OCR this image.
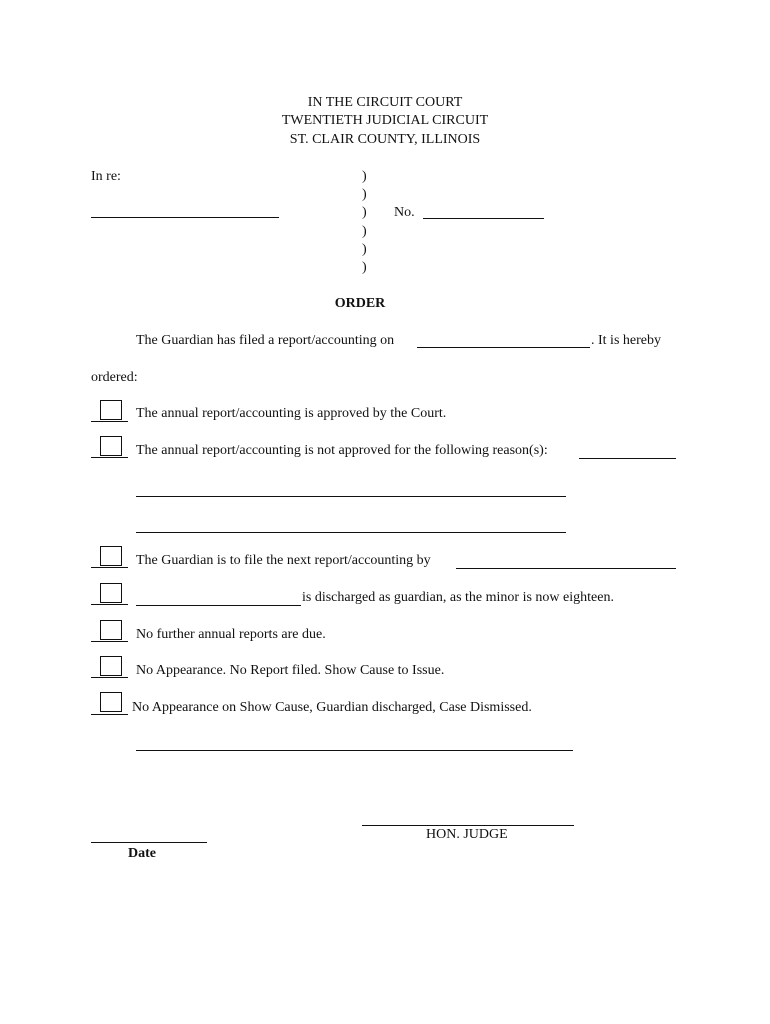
IN THE CIRCUIT COURT
TWENTIETH JUDICIAL CIRCUIT
ST. CLAIR COUNTY, ILLINOIS
In re:	)
)
)
)
)
)
No.
ORDER
The Guardian has filed a report/accounting on	. It is hereby
ordered:
The annual report/accounting is approved by the Court.
The annual report/accounting is not approved for the following reason(s):
The Guardian is to file the next report/accounting by
is discharged as guardian, as the minor is now eighteen.
No further annual reports are due.
No Appearance. No Report filed. Show Cause to Issue.
No Appearance on Show Cause, Guardian discharged, Case Dismissed.
HON. JUDGE
Date
